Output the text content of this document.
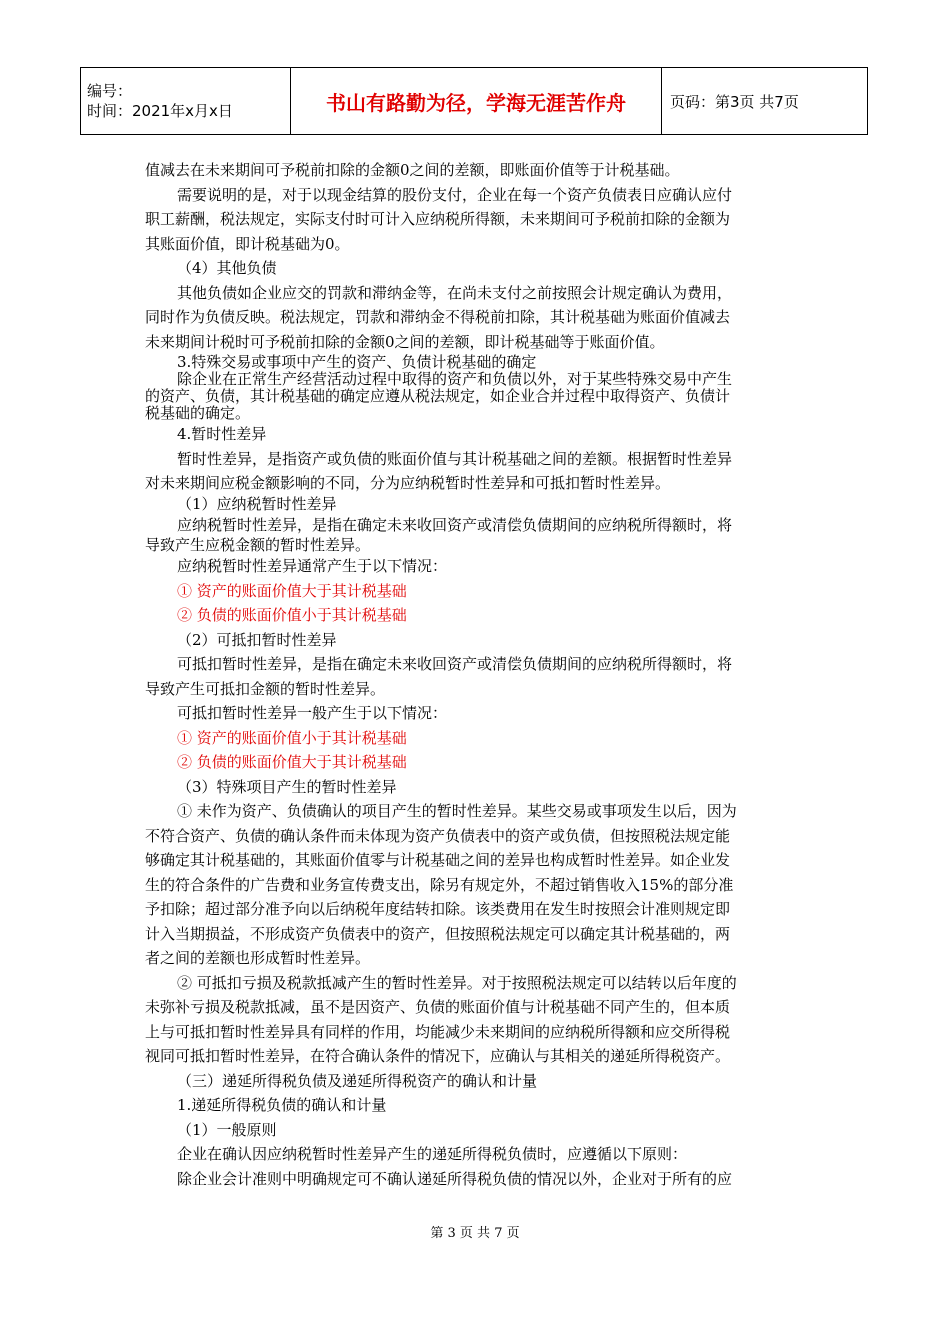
编号：
时间：2021年x月x日	书山有路勤为径，学海无涯苦作舟	页码：第3页 共7页

值减去在未来期间可予税前扣除的金额0之间的差额，即账面价值等于计税基础。

需要说明的是，对于以现金结算的股份支付，企业在每一个资产负债表日应确认应付

职工薪酬，税法规定，实际支付时可计入应纳税所得额，未来期间可予税前扣除的金额为

其账面价值，即计税基础为0。

（4）其他负债

其他负债如企业应交的罚款和滞纳金等，在尚未支付之前按照会计规定确认为费用，

同时作为负债反映。税法规定，罚款和滞纳金不得税前扣除，其计税基础为账面价值减去

未来期间计税时可予税前扣除的金额0之间的差额，即计税基础等于账面价值。

3.特殊交易或事项中产生的资产、负债计税基础的确定

除企业在正常生产经营活动过程中取得的资产和负债以外，对于某些特殊交易中产生

的资产、负债，其计税基础的确定应遵从税法规定，如企业合并过程中取得资产、负债计

税基础的确定。

4.暂时性差异

暂时性差异，是指资产或负债的账面价值与其计税基础之间的差额。根据暂时性差异

对未来期间应税金额影响的不同，分为应纳税暂时性差异和可抵扣暂时性差异。

（1）应纳税暂时性差异

应纳税暂时性差异，是指在确定未来收回资产或清偿负债期间的应纳税所得额时，将

导致产生应税金额的暂时性差异。

应纳税暂时性差异通常产生于以下情况：

① 资产的账面价值大于其计税基础

② 负债的账面价值小于其计税基础

（2）可抵扣暂时性差异

可抵扣暂时性差异，是指在确定未来收回资产或清偿负债期间的应纳税所得额时，将

导致产生可抵扣金额的暂时性差异。

可抵扣暂时性差异一般产生于以下情况：

① 资产的账面价值小于其计税基础

② 负债的账面价值大于其计税基础

（3）特殊项目产生的暂时性差异

① 未作为资产、负债确认的项目产生的暂时性差异。某些交易或事项发生以后，因为

不符合资产、负债的确认条件而未体现为资产负债表中的资产或负债，但按照税法规定能

够确定其计税基础的，其账面价值零与计税基础之间的差异也构成暂时性差异。如企业发

生的符合条件的广告费和业务宣传费支出，除另有规定外，不超过销售收入15%的部分准

予扣除；超过部分准予向以后纳税年度结转扣除。该类费用在发生时按照会计准则规定即

计入当期损益，不形成资产负债表中的资产，但按照税法规定可以确定其计税基础的，两

者之间的差额也形成暂时性差异。

② 可抵扣亏损及税款抵减产生的暂时性差异。对于按照税法规定可以结转以后年度的

未弥补亏损及税款抵减，虽不是因资产、负债的账面价值与计税基础不同产生的，但本质

上与可抵扣暂时性差异具有同样的作用，均能减少未来期间的应纳税所得额和应交所得税

视同可抵扣暂时性差异，在符合确认条件的情况下，应确认与其相关的递延所得税资产。

（三）递延所得税负债及递延所得税资产的确认和计量

1.递延所得税负债的确认和计量

（1）一般原则

企业在确认因应纳税暂时性差异产生的递延所得税负债时，应遵循以下原则：

除企业会计准则中明确规定可不确认递延所得税负债的情况以外，企业对于所有的应

第 3 页 共 7 页
